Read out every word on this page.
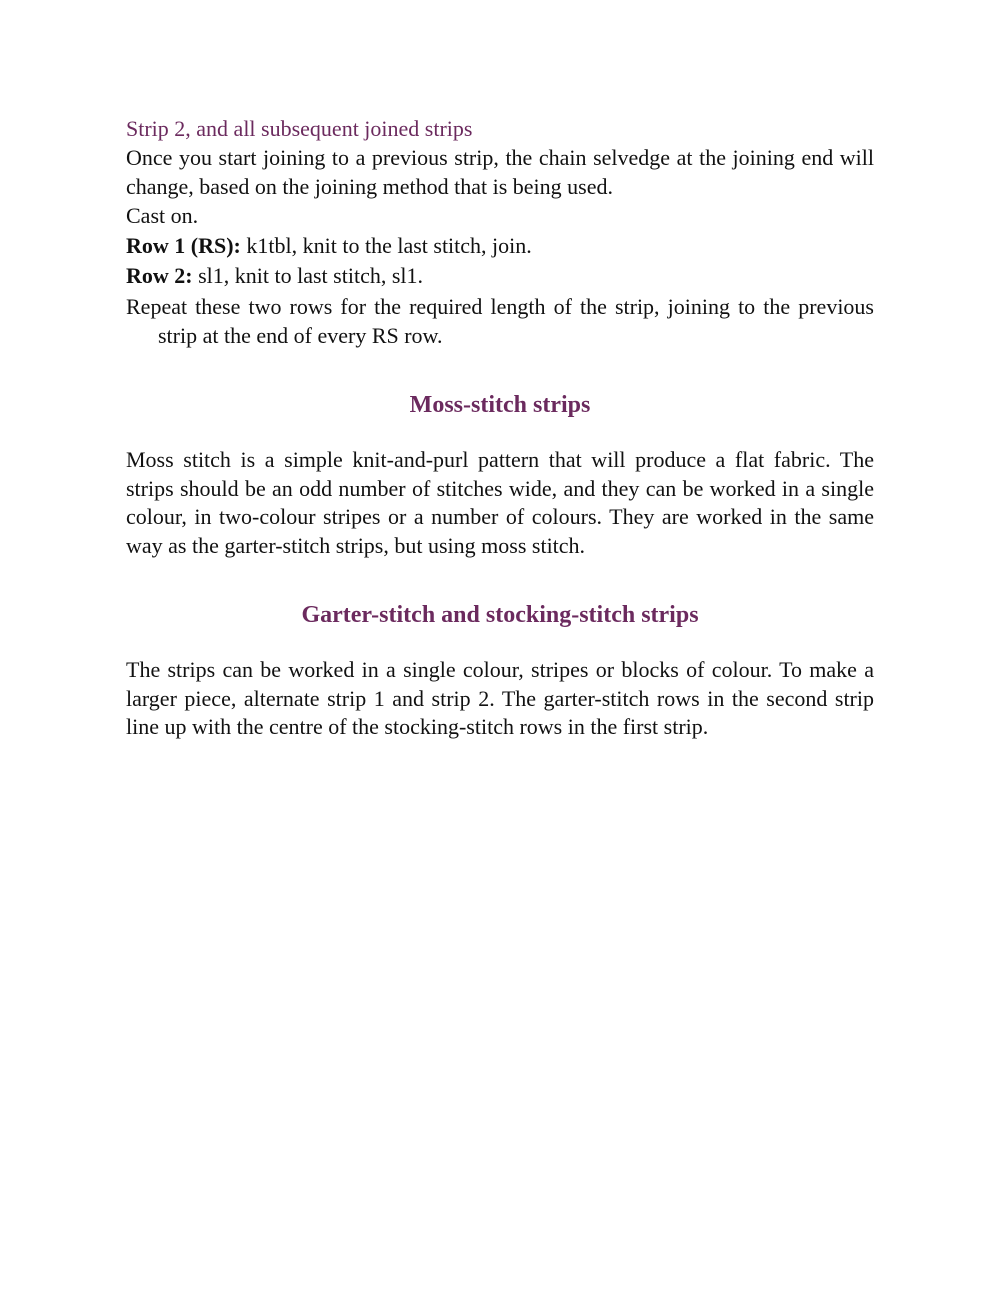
Strip 2, and all subsequent joined strips

Once you start joining to a previous strip, the chain selvedge at the joining end will change, based on the joining method that is being used.

Cast on.
Row 1 (RS): k1tbl, knit to the last stitch, join.
Row 2: sl1, knit to last stitch, sl1.

Repeat these two rows for the required length of the strip, joining to the previous strip at the end of every RS row.

Moss-stitch strips

Moss stitch is a simple knit-and-purl pattern that will produce a flat fabric. The strips should be an odd number of stitches wide, and they can be worked in a single colour, in two-colour stripes or a number of colours. They are worked in the same way as the garter-stitch strips, but using moss stitch.

Garter-stitch and stocking-stitch strips

The strips can be worked in a single colour, stripes or blocks of colour. To make a larger piece, alternate strip 1 and strip 2. The garter-stitch rows in the second strip line up with the centre of the stocking-stitch rows in the first strip.
